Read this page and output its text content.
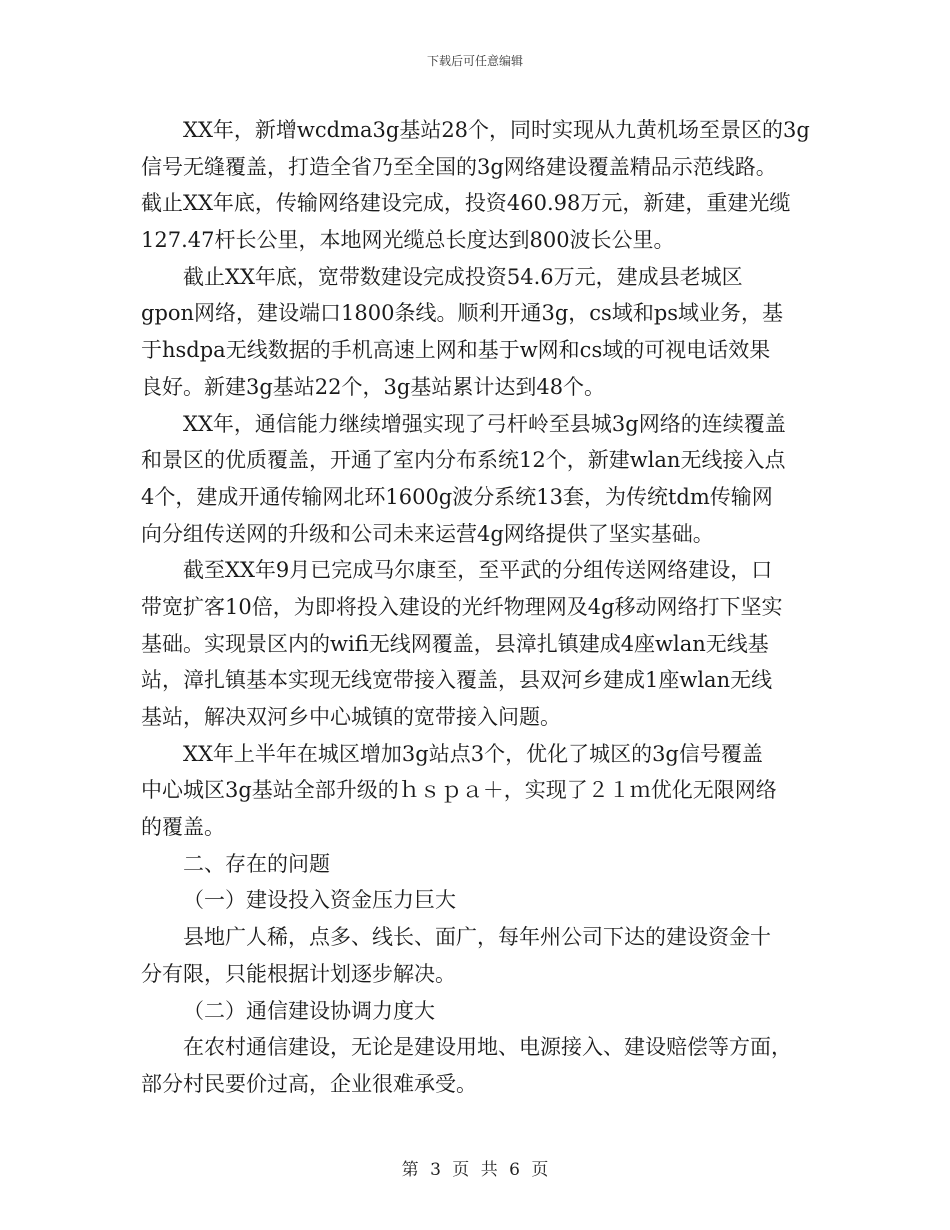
下载后可任意编辑
XX年，新增wcdma3g基站28个，同时实现从九黄机场至景区的3g
信号无缝覆盖，打造全省乃至全国的3g网络建设覆盖精品示范线路。
截止XX年底，传输网络建设完成，投资460.98万元，新建，重建光缆
127.47杆长公里，本地网光缆总长度达到800波长公里。
截止XX年底，宽带数建设完成投资54.6万元，建成县老城区
gpon网络，建设端口1800条线。顺利开通3g，cs域和ps域业务，基
于hsdpa无线数据的手机高速上网和基于w网和cs域的可视电话效果
良好。新建3g基站22个，3g基站累计达到48个。
XX年，通信能力继续增强实现了弓杆岭至县城3g网络的连续覆盖
和景区的优质覆盖，开通了室内分布系统12个，新建wlan无线接入点
4个，建成开通传输网北环1600g波分系统13套，为传统tdm传输网
向分组传送网的升级和公司未来运营4g网络提供了坚实基础。
截至XX年9月已完成马尔康至，至平武的分组传送网络建设，口
带宽扩客10倍，为即将投入建设的光纤物理网及4g移动网络打下坚实
基础。实现景区内的wifi无线网覆盖，县漳扎镇建成4座wlan无线基
站，漳扎镇基本实现无线宽带接入覆盖，县双河乡建成1座wlan无线
基站，解决双河乡中心城镇的宽带接入问题。
XX年上半年在城区增加3g站点3个，优化了城区的3g信号覆盖
中心城区3g基站全部升级的ｈｓｐａ＋，实现了２１ｍ优化无限网络
的覆盖。
二、存在的问题
（一）建设投入资金压力巨大
县地广人稀，点多、线长、面广，每年州公司下达的建设资金十
分有限，只能根据计划逐步解决。
（二）通信建设协调力度大
在农村通信建设，无论是建设用地、电源接入、建设赔偿等方面，
部分村民要价过高，企业很难承受。
第 3 页 共 6 页
